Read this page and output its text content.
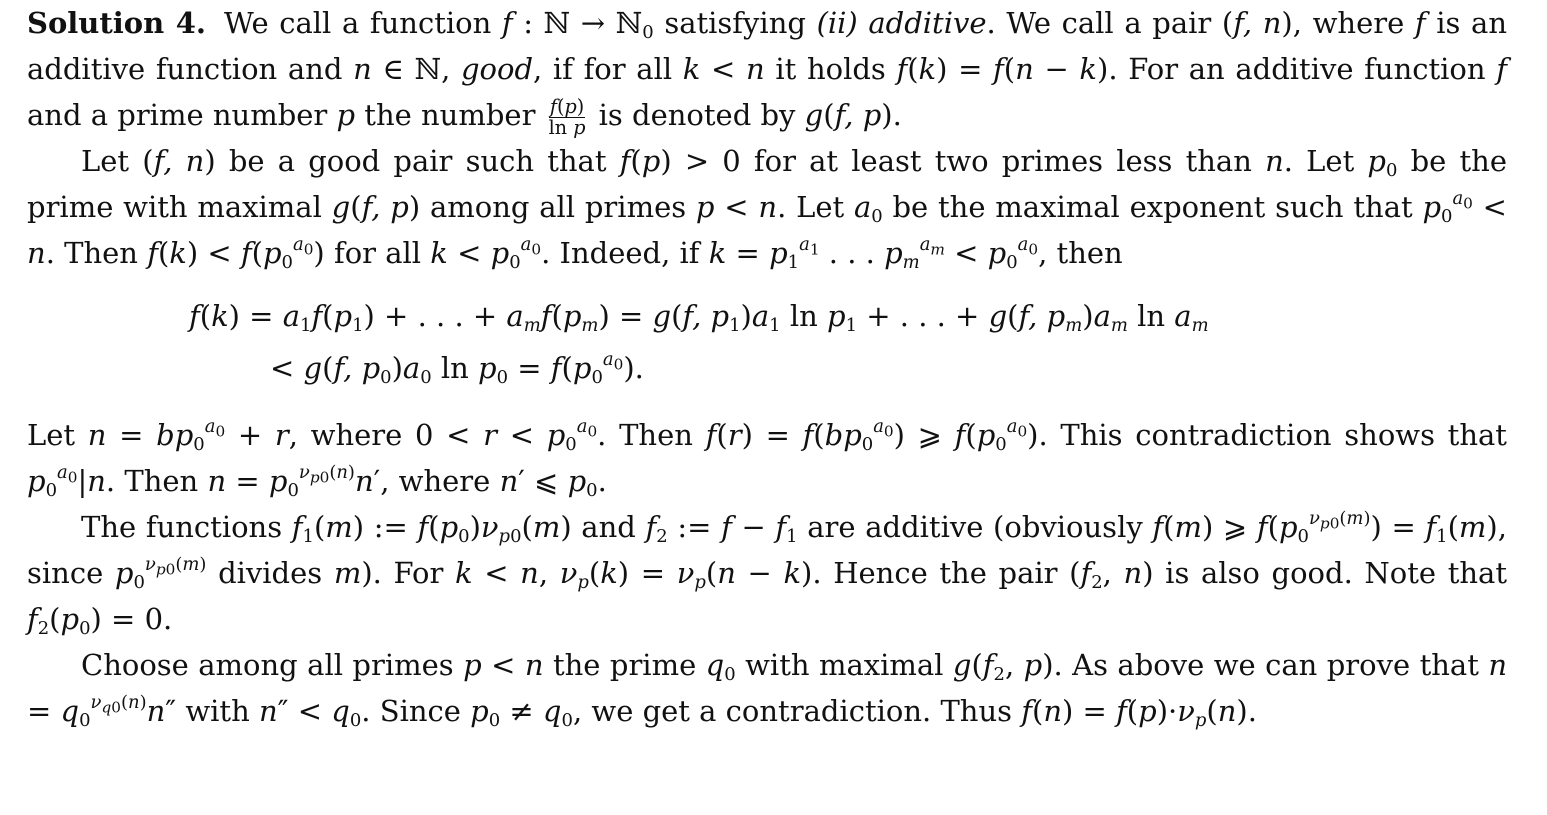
Solution 4. We call a function f : ℕ → ℕ$_0$ satisfying (ii) additive. We call a pair (f, n), where f is an additive function and n ∈ ℕ, good, if for all k < n it holds f(k) = f(n − k). For an additive function f and a prime number p the number $\frac{f(p)}{\text{ln p}}$ is denoted by g(f, p).

Let (f, n) be a good pair such that f(p) > 0 for at least two primes less than n. Let $p_0$ be the prime with maximal g(f, p) among all primes p < n. Let $a_0$ be the maximal exponent such that $p_0^{a_0} < n$. Then $f(k) < f(p_0^{a_0})$ for all $k < p_0^{a_0}$. Indeed, if $k = p_1^{a_1}$ . . . $p_m^{a_m} < p_0^{a_0}$, then

$f(k) = a_1f(p_1)$ + . . . + $a_mf(p_m) = g(f$, $p_1)a_1$ $\ln p_1$ + . . . + g(f, $p_m)a_m$ $\ln a_m$
< g(f, $p_0)a_0$ $\ln p_0 = f(p_0^{a_0})$.

Let $n = bp_0^{a_0} + r$, where $0 < r < p_0^{a_0}$. Then $f(r) = f(bp_0^{a_0})$ ⩾ $f(p_0^{a_0})$. This contradiction shows that $p_0^{a_0}|n$. Then $n = p_0^{\nu_{p0}(n)}n'$, where n′ ⩽ $p_0$.

The functions $f_1(m)$ := $f(p_0)\nu_{p0}(m)$ and $f_2$ := $f - f_1$ are additive (obviously f(m) ⩾ $f(p_0^{\nu_{p0}(m)}) = f_1(m)$, since $p_0^{\nu_{p0}(m)}$ divides m). For k < n, $\nu_p(k) = \nu_p(n - k)$. Hence the pair ($f_2$, n) is also good. Note that $f_2(p_0) = 0$.

Choose among all primes p < n the prime $q_0$ with maximal $g(f_2$, p). As above we can prove that $n = q_0^{\nu_{q0}(n)}n''$ with $n'' < q_0$. Since $p_0 \ne q_0$, we get a contradiction. Thus $f(n) = f(p)\cdot\nu_p(n)$.
